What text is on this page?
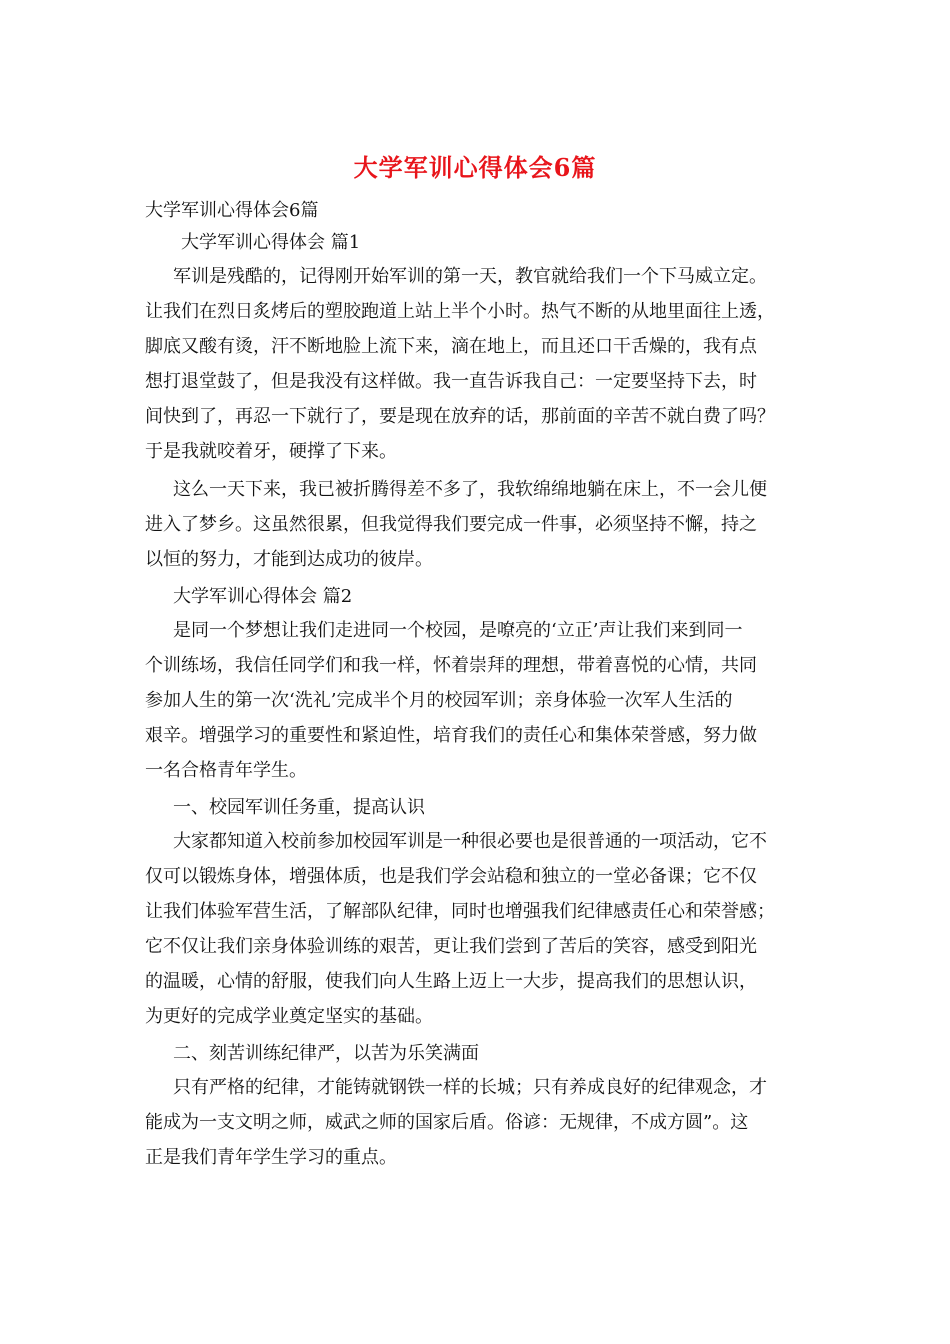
大学军训心得体会6篇
大学军训心得体会6篇
大学军训心得体会 篇1
军训是残酷的，记得刚开始军训的第一天，教官就给我们一个下马威立定。
让我们在烈日炙烤后的塑胶跑道上站上半个小时。热气不断的从地里面往上透，
脚底又酸有烫，汗不断地脸上流下来，滴在地上，而且还口干舌燥的，我有点
想打退堂鼓了，但是我没有这样做。我一直告诉我自己：一定要坚持下去，时
间快到了，再忍一下就行了，要是现在放弃的话，那前面的辛苦不就白费了吗？
于是我就咬着牙，硬撑了下来。
这么一天下来，我已被折腾得差不多了，我软绵绵地躺在床上，不一会儿便
进入了梦乡。这虽然很累，但我觉得我们要完成一件事，必须坚持不懈，持之
以恒的努力，才能到达成功的彼岸。
大学军训心得体会 篇2
是同一个梦想让我们走进同一个校园，是嘹亮的‘立正’声让我们来到同一
个训练场，我信任同学们和我一样，怀着崇拜的理想，带着喜悦的心情，共同
参加人生的第一次‘洗礼’完成半个月的校园军训；亲身体验一次军人生活的
艰辛。增强学习的重要性和紧迫性，培育我们的责任心和集体荣誉感，努力做
一名合格青年学生。
一、校园军训任务重，提高认识
大家都知道入校前参加校园军训是一种很必要也是很普通的一项活动，它不
仅可以锻炼身体，增强体质，也是我们学会站稳和独立的一堂必备课；它不仅
让我们体验军营生活，了解部队纪律，同时也增强我们纪律感责任心和荣誉感；
它不仅让我们亲身体验训练的艰苦，更让我们尝到了苦后的笑容，感受到阳光
的温暖，心情的舒服，使我们向人生路上迈上一大步，提高我们的思想认识，
为更好的完成学业奠定坚实的基础。
二、刻苦训练纪律严，以苦为乐笑满面
只有严格的纪律，才能铸就钢铁一样的长城；只有养成良好的纪律观念，才
能成为一支文明之师，威武之师的国家后盾。俗谚：无规律，不成方圆”。这
正是我们青年学生学习的重点。
